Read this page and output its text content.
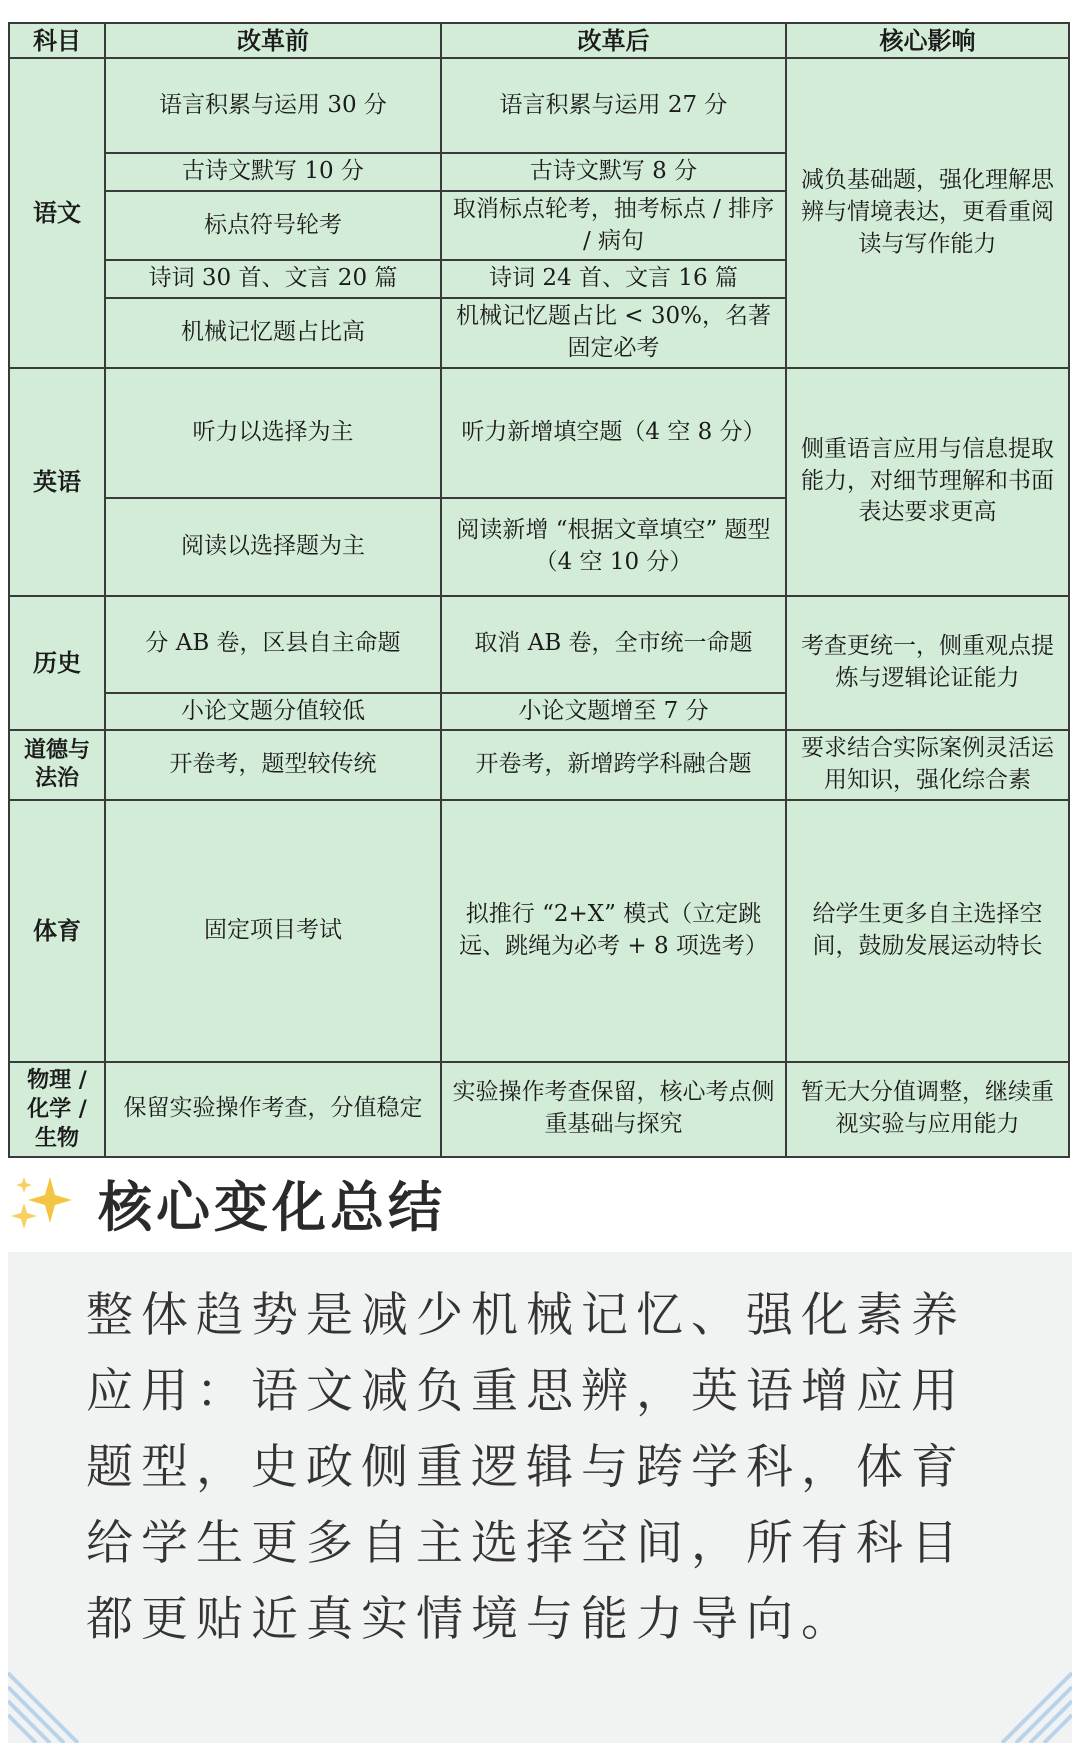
科目	改革前	改革后	核心影响
语文	语言积累与运用 30 分	语言积累与运用 27 分	减负基础题，强化理解思辨与情境表达，更看重阅读与写作能力
	古诗文默写 10 分	古诗文默写 8 分	
	标点符号轮考	取消标点轮考，抽考标点 / 排序 / 病句	
	诗词 30 首、文言 20 篇	诗词 24 首、文言 16 篇	
	机械记忆题占比高	机械记忆题占比 < 30%，名著固定必考	
英语	听力以选择为主	听力新增填空题（4 空 8 分）	侧重语言应用与信息提取能力，对细节理解和书面表达要求更高
	阅读以选择题为主	阅读新增 “根据文章填空” 题型（4 空 10 分）	
历史	分 AB 卷，区县自主命题	取消 AB 卷，全市统一命题	考查更统一，侧重观点提炼与逻辑论证能力
	小论文题分值较低	小论文题增至 7 分	
道德与法治	开卷考，题型较传统	开卷考，新增跨学科融合题	要求结合实际案例灵活运用知识，强化综合素
体育	固定项目考试	拟推行 “2+X” 模式（立定跳远、跳绳为必考 + 8 项选考）	给学生更多自主选择空间，鼓励发展运动特长
物理 / 化学 / 生物	保留实验操作考查，分值稳定	实验操作考查保留，核心考点侧重基础与探究	暂无大分值调整，继续重视实验与应用能力
核心变化总结
整体趋势是减少机械记忆、强化素养应用：语文减负重思辨，英语增应用题型，史政侧重逻辑与跨学科，体育给学生更多自主选择空间，所有科目都更贴近真实情境与能力导向。
